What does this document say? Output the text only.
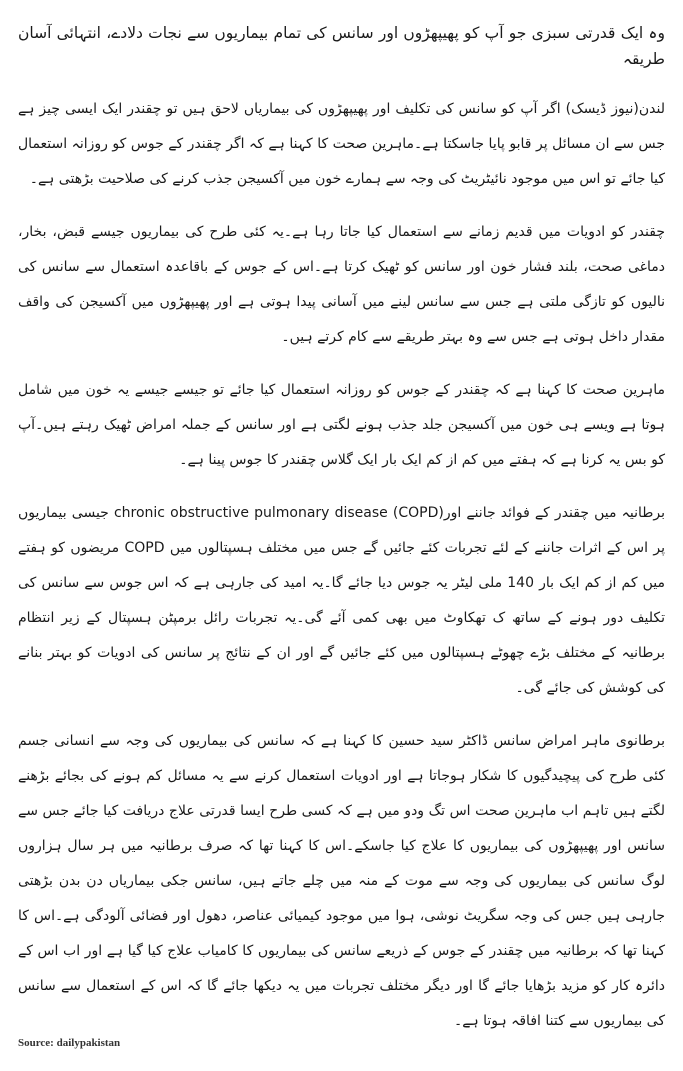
وہ ایک قدرتی سبزی جو آپ کو پھیپھڑوں اور سانس کی تمام بیماریوں سے نجات دلادے، انتہائی آسان طریقہ

لندن(نیوز ڈیسک) اگر آپ کو سانس کی تکلیف اور پھیپھڑوں کی بیماریاں لاحق ہیں تو چقندر ایک ایسی چیز ہے جس سے ان مسائل پر قابو پایا جاسکتا ہے۔ماہرین صحت کا کہنا ہے کہ اگر چقندر کے جوس کو روزانہ استعمال کیا جائے تو اس میں موجود نائیٹریٹ کی وجہ سے ہمارے خون میں آکسیجن جذب کرنے کی صلاحیت بڑھتی ہے۔

چقندر کو ادویات میں قدیم زمانے سے استعمال کیا جاتا رہا ہے۔یہ کئی طرح کی بیماریوں جیسے قبض، بخار، دماغی صحت، بلند فشار خون اور سانس کو ٹھیک کرتا ہے۔اس کے جوس کے باقاعدہ استعمال سے سانس کی نالیوں کو تازگی ملتی ہے جس سے سانس لینے میں آسانی پیدا ہوتی ہے اور پھیپھڑوں میں آکسیجن کی واقف مقدار داخل ہوتی ہے جس سے وہ بہتر طریقے سے کام کرتے ہیں۔

ماہرین صحت کا کہنا ہے کہ چقندر کے جوس کو روزانہ استعمال کیا جائے تو جیسے جیسے یہ خون میں شامل ہوتا ہے ویسے ہی خون میں آکسیجن جلد جذب ہونے لگتی ہے اور سانس کے جملہ امراض ٹھیک رہتے ہیں۔آپ کو بس یہ کرنا ہے کہ ہفتے میں کم از کم ایک بار ایک گلاس چقندر کا جوس پینا ہے۔

برطانیہ میں چقندر کے فوائد جاننے اور(COPD) chronic obstructive pulmonary disease جیسی بیماریوں پر اس کے اثرات جاننے کے لئے تجربات کئے جائیں گے جس میں مختلف ہسپتالوں میں COPD مریضوں کو ہفتے میں کم از کم ایک بار 140 ملی لیٹر یہ جوس دیا جائے گا۔یہ امید کی جارہی ہے کہ اس جوس سے سانس کی تکلیف دور ہونے کے ساتھ ک تھکاوٹ میں بھی کمی آئے گی۔یہ تجربات رائل برمپٹن ہسپتال کے زیر انتظام برطانیہ کے مختلف بڑے چھوٹے ہسپتالوں میں کئے جائیں گے اور ان کے نتائج پر سانس کی ادویات کو بہتر بنانے کی کوشش کی جائے گی۔

برطانوی ماہر امراض سانس ڈاکٹر سید حسین کا کہنا ہے کہ سانس کی بیماریوں کی وجہ سے انسانی جسم کئی طرح کی پیچیدگیوں کا شکار ہوجاتا ہے اور ادویات استعمال کرنے سے یہ مسائل کم ہونے کی بجائے بڑھنے لگتے ہیں تاہم اب ماہرین صحت اس تگ ودو میں ہے کہ کسی طرح ایسا قدرتی علاج دریافت کیا جائے جس سے سانس اور پھیپھڑوں کی بیماریوں کا علاج کیا جاسکے۔اس کا کہنا تھا کہ صرف برطانیہ میں ہر سال ہزاروں لوگ سانس کی بیماریوں کی وجہ سے موت کے منہ میں چلے جاتے ہیں، سانس جکی بیماریاں دن بدن بڑھتی جارہی ہیں جس کی وجہ سگریٹ نوشی، ہوا میں موجود کیمیائی عناصر، دھول اور فضائی آلودگی ہے۔اس کا کہنا تھا کہ برطانیہ میں چقندر کے جوس کے ذریعے سانس کی بیماریوں کا کامیاب علاج کیا گیا ہے اور اب اس کے دائرہ کار کو مزید بڑھایا جائے گا اور دیگر مختلف تجربات میں یہ دیکھا جائے گا کہ اس کے استعمال سے سانس کی بیماریوں سے کتنا افاقہ ہوتا ہے۔

Source: dailypakistan
